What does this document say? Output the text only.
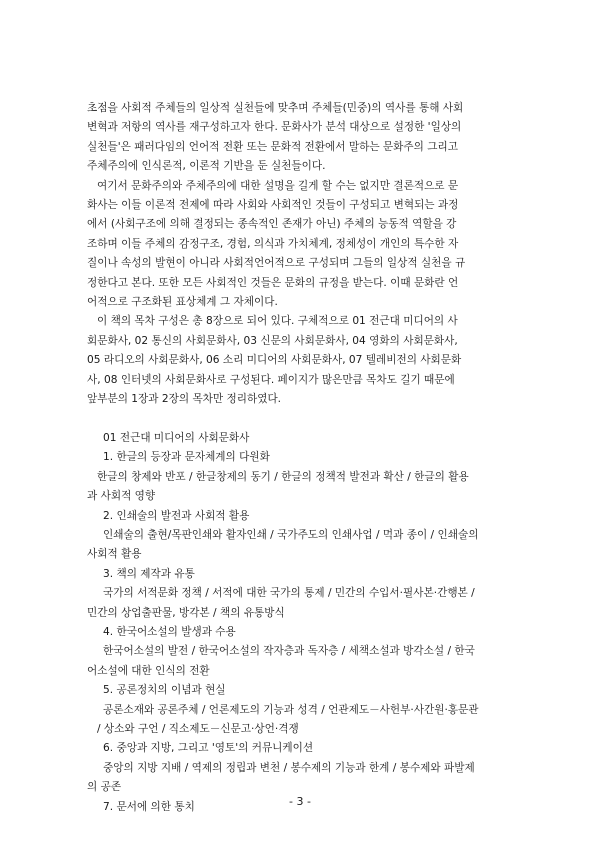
초점을 사회적 주체들의 일상적 실천들에 맞추며 주체들(민중)의 역사를 통해 사회
변혁과 저항의 역사를 재구성하고자 한다. 문화사가 분석 대상으로 설정한 '일상의
실천들'은 패러다임의 언어적 전환 또는 문화적 전환에서 말하는 문화주의 그리고
주체주의에 인식론적, 이론적 기반을 둔 실천들이다.
여기서 문화주의와 주체주의에 대한 설명을 길게 할 수는 없지만 결론적으로 문
화사는 이들 이론적 전제에 따라 사회와 사회적인 것들이 구성되고 변혁되는 과정
에서 (사회구조에 의해 결정되는 종속적인 존재가 아닌) 주체의 능동적 역할을 강
조하며 이들 주체의 감정구조, 경험, 의식과 가치체계, 정체성이 개인의 특수한 자
질이나 속성의 발현이 아니라 사회적언어적으로 구성되며 그들의 일상적 실천을 규
정한다고 본다. 또한 모든 사회적인 것들은 문화의 규정을 받는다. 이때 문화란 언
어적으로 구조화된 표상체계 그 자체이다.
이 책의 목차 구성은 총 8장으로 되어 있다. 구체적으로 01 전근대 미디어의 사
회문화사, 02 통신의 사회문화사, 03 신문의 사회문화사, 04 영화의 사회문화사,
05 라디오의 사회문화사, 06 소리 미디어의 사회문화사, 07 텔레비전의 사회문화
사, 08 인터넷의 사회문화사로 구성된다. 페이지가 많은만큼 목차도 길기 때문에
앞부분의 1장과 2장의 목차만 정리하였다.
01 전근대 미디어의 사회문화사
1. 한글의 등장과 문자체계의 다원화
한글의 창제와 반포 / 한글창제의 동기 / 한글의 정책적 발전과 확산 / 한글의 활용
과 사회적 영향
2. 인쇄술의 발전과 사회적 활용
인쇄술의 출현/목판인쇄와 활자인쇄 / 국가주도의 인쇄사업 / 먹과 종이 / 인쇄술의
사회적 활용
3. 책의 제작과 유통
국가의 서적문화 정책 / 서적에 대한 국가의 통제 / 민간의 수입서·필사본·간행본 /
민간의 상업출판물, 방각본 / 책의 유통방식
4. 한국어소설의 발생과 수용
한국어소설의 발전 / 한국어소설의 작자층과 독자층 / 세책소설과 방각소설 / 한국
어소설에 대한 인식의 전환
5. 공론정치의 이념과 현실
공론소재와 공론주체 / 언론제도의 기능과 성격 / 언관제도－사헌부·사간원·홍문관
/ 상소와 구언 / 직소제도－신문고·상언·격쟁
6. 중앙과 지방, 그리고 '영토'의 커뮤니케이션
중앙의 지방 지배 / 역제의 정립과 변천 / 봉수제의 기능과 한계 / 봉수제와 파발제
의 공존
7. 문서에 의한 통치	- 3 -
